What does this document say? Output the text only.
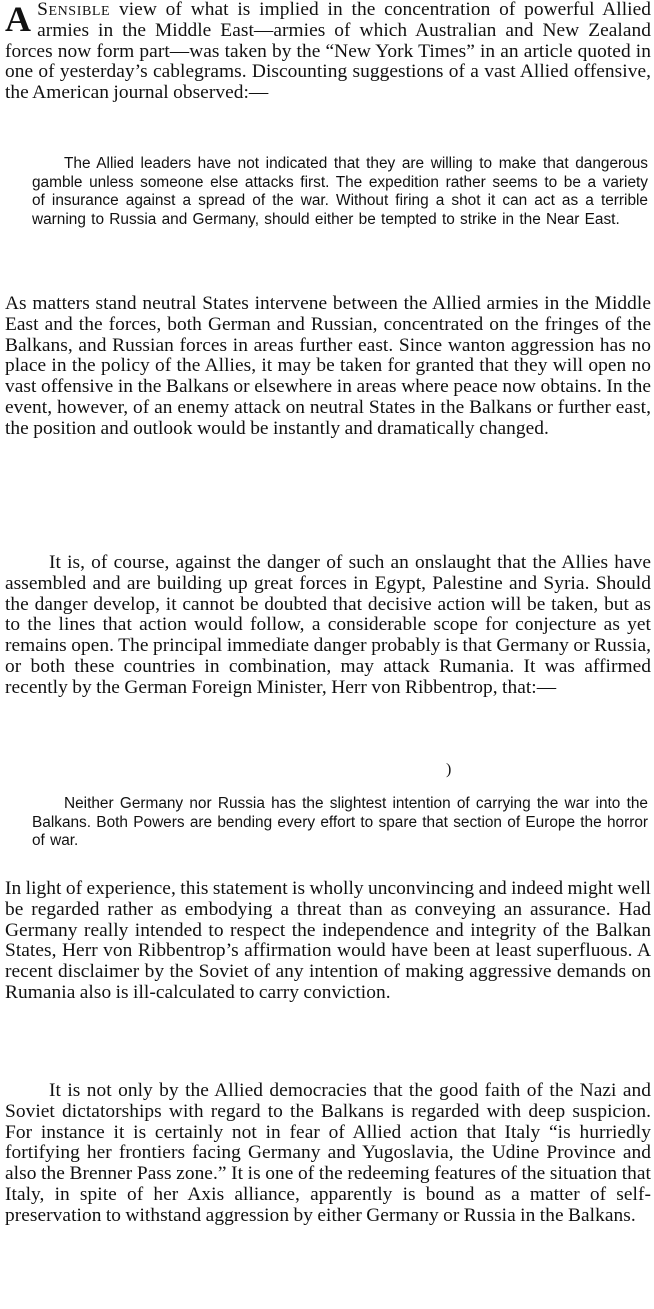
A Sensible view of what is implied in the concentration of powerful Allied armies in the Middle East—armies of which Australian and New Zealand forces now form part—was taken by the “New York Times” in an article quoted in one of yesterday’s cablegrams. Discounting suggestions of a vast Allied offensive, the American journal observed:—

The Allied leaders have not indicated that they are willing to make that dangerous gamble unless someone else attacks first. The expedition rather seems to be a variety of insurance against a spread of the war. Without firing a shot it can act as a terrible warning to Russia and Germany, should either be tempted to strike in the Near East.

As matters stand neutral States intervene between the Allied armies in the Middle East and the forces, both German and Russian, concentrated on the fringes of the Balkans, and Russian forces in areas further east. Since wanton aggression has no place in the policy of the Allies, it may be taken for granted that they will open no vast offensive in the Balkans or elsewhere in areas where peace now obtains. In the event, however, of an enemy attack on neutral States in the Balkans or further east, the position and outlook would be instantly and dramatically changed.

It is, of course, against the danger of such an onslaught that the Allies have assembled and are building up great forces in Egypt, Palestine and Syria. Should the danger develop, it cannot be doubted that decisive action will be taken, but as to the lines that action would follow, a considerable scope for conjecture as yet remains open. The principal immediate danger probably is that Germany or Russia, or both these countries in combination, may attack Rumania. It was affirmed recently by the German Foreign Minister, Herr von Ribbentrop, that:—

)

Neither Germany nor Russia has the slightest intention of carrying the war into the Balkans. Both Powers are bending every effort to spare that section of Europe the horror of war.

In light of experience, this statement is wholly unconvincing and indeed might well be regarded rather as embodying a threat than as conveying an assurance. Had Germany really intended to respect the independence and integrity of the Balkan States, Herr von Ribbentrop’s affirmation would have been at least superfluous. A recent disclaimer by the Soviet of any intention of making aggressive demands on Rumania also is ill-calculated to carry conviction.

It is not only by the Allied democracies that the good faith of the Nazi and Soviet dictatorships with regard to the Balkans is regarded with deep suspicion. For instance it is certainly not in fear of Allied action that Italy “is hurriedly fortifying her frontiers facing Germany and Yugoslavia, the Udine Province and also the Brenner Pass zone.” It is one of the redeeming features of the situation that Italy, in spite of her Axis alliance, apparently is bound as a matter of self-preservation to withstand aggression by either Germany or Russia in the Balkans.
